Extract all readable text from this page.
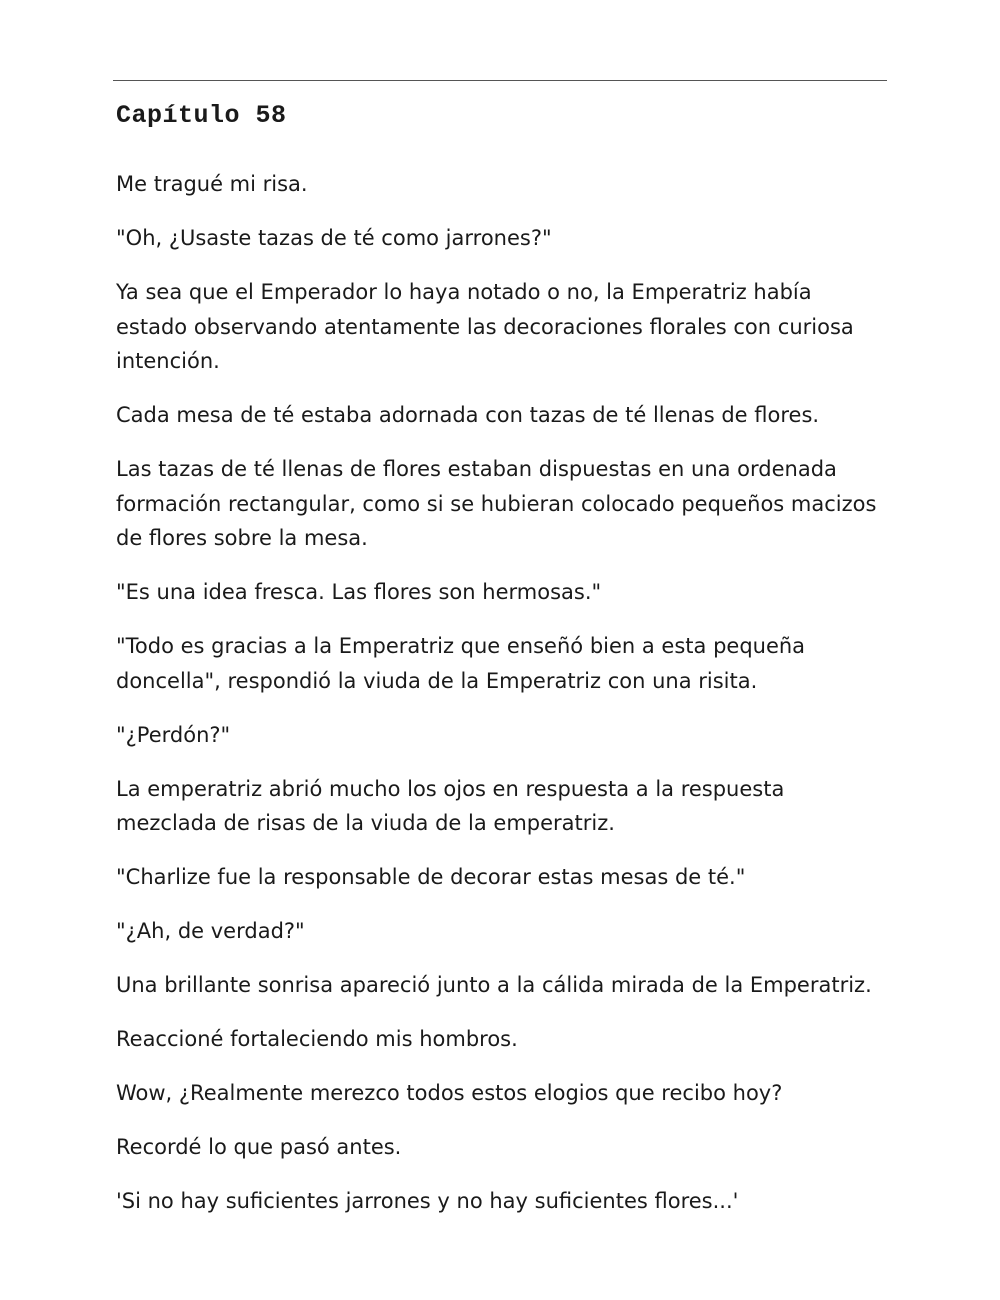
Capítulo 58

Me tragué mi risa.

"Oh, ¿Usaste tazas de té como jarrones?"

Ya sea que el Emperador lo haya notado o no, la Emperatriz había
estado observando atentamente las decoraciones florales con curiosa
intención.

Cada mesa de té estaba adornada con tazas de té llenas de flores.

Las tazas de té llenas de flores estaban dispuestas en una ordenada
formación rectangular, como si se hubieran colocado pequeños macizos
de flores sobre la mesa.

"Es una idea fresca. Las flores son hermosas."

"Todo es gracias a la Emperatriz que enseñó bien a esta pequeña
doncella", respondió la viuda de la Emperatriz con una risita.

"¿Perdón?"

La emperatriz abrió mucho los ojos en respuesta a la respuesta
mezclada de risas de la viuda de la emperatriz.

"Charlize fue la responsable de decorar estas mesas de té."

"¿Ah, de verdad?"

Una brillante sonrisa apareció junto a la cálida mirada de la Emperatriz.

Reaccioné fortaleciendo mis hombros.

Wow, ¿Realmente merezco todos estos elogios que recibo hoy?

Recordé lo que pasó antes.

'Si no hay suficientes jarrones y no hay suficientes flores...'
